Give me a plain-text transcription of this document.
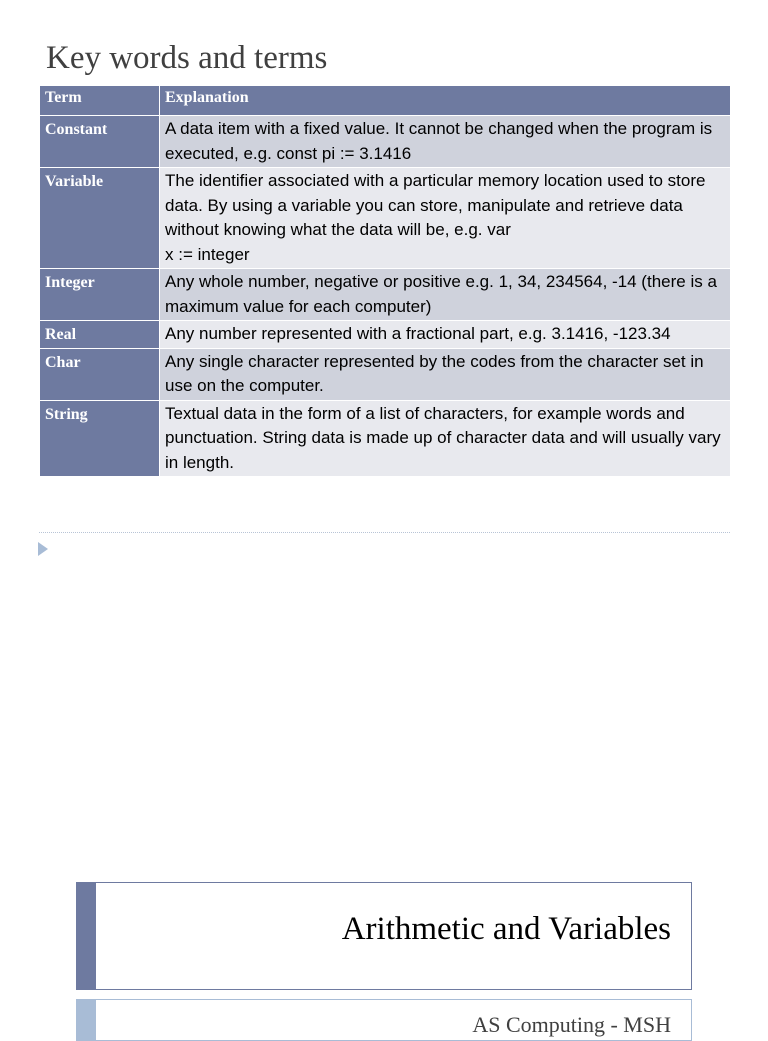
Key words and terms
Term	Explanation
Constant	A data item with a fixed value. It cannot be changed when the program is executed, e.g. const pi := 3.1416
Variable	The identifier associated with a particular memory location used to store data. By using a variable you can store, manipulate and retrieve data without knowing what the data will be, e.g. var
x := integer
Integer	Any whole number, negative or positive e.g. 1, 34, 234564, -14 (there is a maximum value for each computer)
Real	Any number represented with a fractional part, e.g. 3.1416, -123.34
Char	Any single character represented by the codes from the character set in use on the computer.
String	Textual data in the form of a list of characters, for example words and punctuation. String data is made up of character data and will usually vary in length.
Arithmetic and Variables
AS Computing - MSH
